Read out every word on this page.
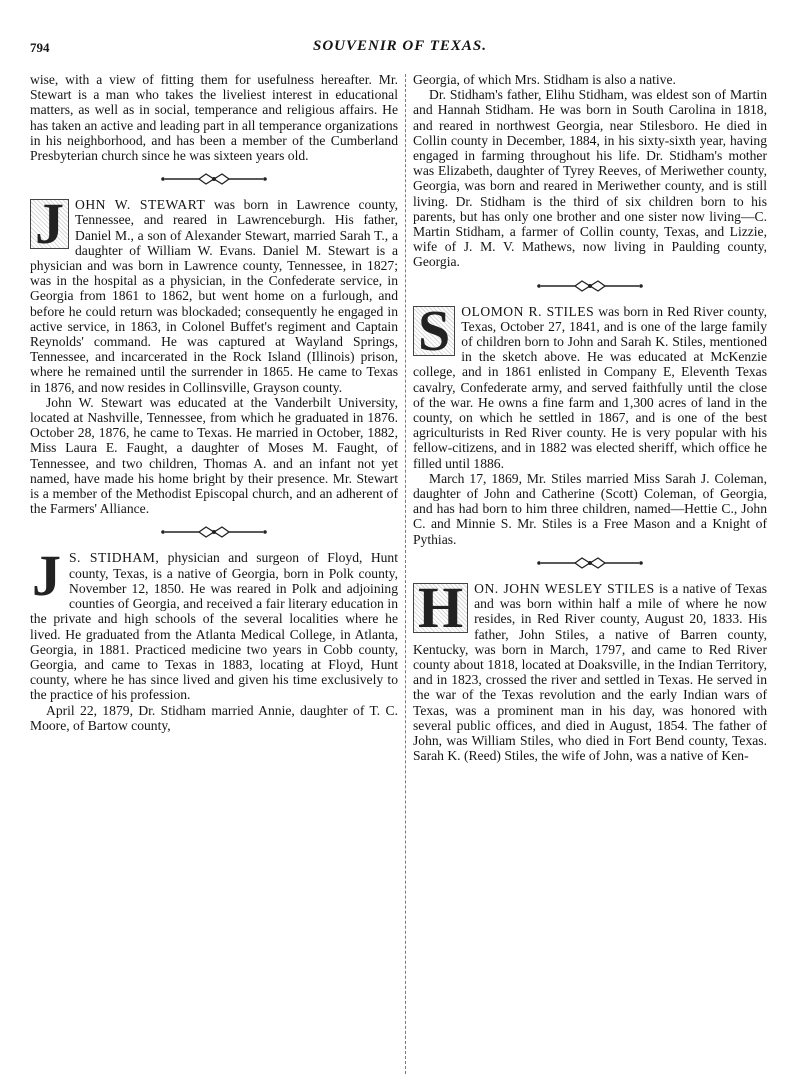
794	SOUVENIR OF TEXAS.

wise, with a view of fitting them for usefulness hereafter. Mr. Stewart is a man who takes the liveliest interest in educational matters, as well as in social, temperance and religious affairs. He has taken an active and leading part in all temperance organizations in his neighborhood, and has been a member of the Cumberland Presbyterian church since he was sixteen years old.

J OHN W. STEWART was born in Lawrence county, Tennessee, and reared in Lawrenceburgh. His father, Daniel M., a son of Alexander Stewart, married Sarah T., a daughter of William W. Evans. Daniel M. Stewart is a physician and was born in Lawrence county, Tennessee, in 1827; was in the hospital as a physician, in the Confederate service, in Georgia from 1861 to 1862, but went home on a furlough, and before he could return was blockaded; consequently he engaged in active service, in 1863, in Colonel Buffet's regiment and Captain Reynolds' command. He was captured at Wayland Springs, Tennessee, and incarcerated in the Rock Island (Illinois) prison, where he remained until the surrender in 1865. He came to Texas in 1876, and now resides in Collinsville, Grayson county.

John W. Stewart was educated at the Vanderbilt University, located at Nashville, Tennessee, from which he graduated in 1876. October 28, 1876, he came to Texas. He married in October, 1882, Miss Laura E. Faught, a daughter of Moses M. Faught, of Tennessee, and two children, Thomas A. and an infant not yet named, have made his home bright by their presence. Mr. Stewart is a member of the Methodist Episcopal church, and an adherent of the Farmers' Alliance.

J S. STIDHAM, physician and surgeon of Floyd, Hunt county, Texas, is a native of Georgia, born in Polk county, November 12, 1850. He was reared in Polk and adjoining counties of Georgia, and received a fair literary education in the private and high schools of the several localities where he lived. He graduated from the Atlanta Medical College, in Atlanta, Georgia, in 1881. Practiced medicine two years in Cobb county, Georgia, and came to Texas in 1883, locating at Floyd, Hunt county, where he has since lived and given his time exclusively to the practice of his profession.

April 22, 1879, Dr. Stidham married Annie, daughter of T. C. Moore, of Bartow county,

Georgia, of which Mrs. Stidham is also a native.

Dr. Stidham's father, Elihu Stidham, was eldest son of Martin and Hannah Stidham. He was born in South Carolina in 1818, and reared in northwest Georgia, near Stilesboro. He died in Collin county in December, 1884, in his sixty-sixth year, having engaged in farming throughout his life. Dr. Stidham's mother was Elizabeth, daughter of Tyrey Reeves, of Meriwether county, Georgia, was born and reared in Meriwether county, and is still living. Dr. Stidham is the third of six children born to his parents, but has only one brother and one sister now living—C. Martin Stidham, a farmer of Collin county, Texas, and Lizzie, wife of J. M. V. Mathews, now living in Paulding county, Georgia.

S OLOMON R. STILES was born in Red River county, Texas, October 27, 1841, and is one of the large family of children born to John and Sarah K. Stiles, mentioned in the sketch above. He was educated at McKenzie college, and in 1861 enlisted in Company E, Eleventh Texas cavalry, Confederate army, and served faithfully until the close of the war. He owns a fine farm and 1,300 acres of land in the county, on which he settled in 1867, and is one of the best agriculturists in Red River county. He is very popular with his fellow-citizens, and in 1882 was elected sheriff, which office he filled until 1886.

March 17, 1869, Mr. Stiles married Miss Sarah J. Coleman, daughter of John and Catherine (Scott) Coleman, of Georgia, and has had born to him three children, named—Hettie C., John C. and Minnie S. Mr. Stiles is a Free Mason and a Knight of Pythias.

H ON. JOHN WESLEY STILES is a native of Texas and was born within half a mile of where he now resides, in Red River county, August 20, 1833. His father, John Stiles, a native of Barren county, Kentucky, was born in March, 1797, and came to Red River county about 1818, located at Doaksville, in the Indian Territory, and in 1823, crossed the river and settled in Texas. He served in the war of the Texas revolution and the early Indian wars of Texas, was a prominent man in his day, was honored with several public offices, and died in August, 1854. The father of John, was William Stiles, who died in Fort Bend county, Texas. Sarah K. (Reed) Stiles, the wife of John, was a native of Ken-
